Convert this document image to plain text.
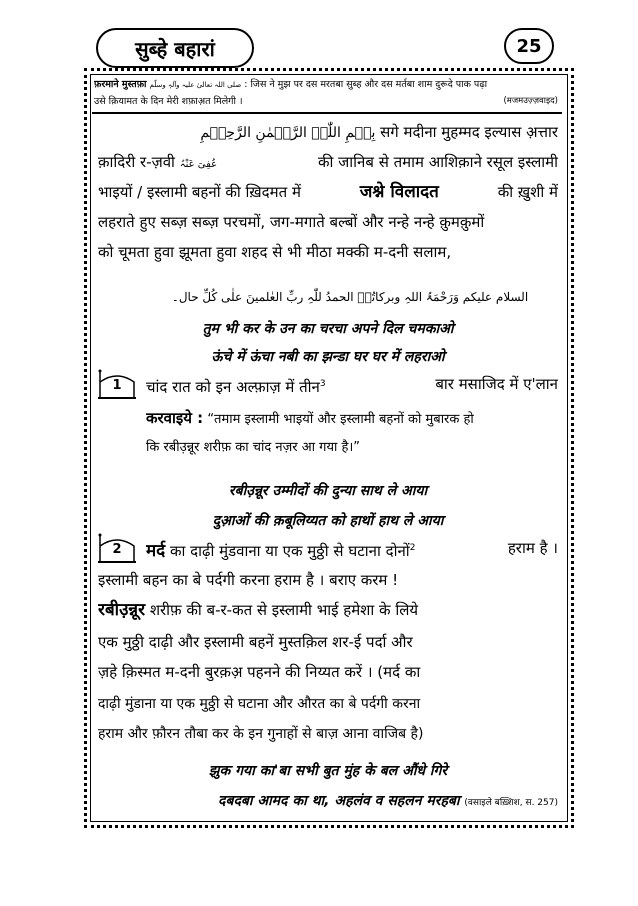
सुब्हे बहारां	25
फ़रमाने मुस्तफ़ा صلی اللہ تعالیٰ علیہ وآلہٖ وسلّم : जिस ने मुझ पर दस मरतबा सुब्ह और दस मर्तबा शाम दुरूदे पाक पढ़ा
उसे क़ियामत के दिन मेरी शफ़ाअ़त मिलेगी ।	(मजमउज़्ज़वाइद)
بِسۡمِ اللّٰہِ الرَّحۡمٰنِ الرَّحِیۡمِ सगे मदीना मुहम्मद इल्यास अ़त्तार
क़ादिरी र-ज़वी عُفِیَ عَنْہُ	की जानिब से तमाम आशिक़ाने रसूल इस्लामी
भाइयों / इस्लामी बहनों की ख़िदमत में	जश्ने विलादत	की ख़ुशी में
लहराते हुए सब्ज़ सब्ज़ परचमों, जग-मगाते बल्बों और नन्हे नन्हे क़ुमक़ुमों
को चूमता हुवा झूमता हुवा शहद से भी मीठा मक्की म-दनी सलाम,
السلام علیکم وَرَحْمَۃُ اللہِ وبرکاتُہٗ الحمدُ للّٰہِ ربِّ العٰلمینَ علٰی کُلِّ حال۔
तुम भी कर के उन का चरचा अपने दिल चमकाओ
ऊंचे में ऊंचा नबी का झन्डा घर घर में लहराओ
1 चांद रात को इन अल्फ़ाज़ में तीन$^3$	बार मसाजिद में ए'लान
करवाइये : “तमाम इस्लामी भाइयों और इस्लामी बहनों को मुबारक हो
कि रबीउ़न्नूर शरीफ़ का चांद नज़र आ गया है।”
रबीउ़न्नूर उम्मीदों की दुन्या साथ ले आया
दुआ़ओं की क़बूलिय्यत को हाथों हाथ ले आया
2 मर्द का दाढ़ी मुंडवाना या एक मुठ्ठी से घटाना दोनों$^2$	हराम है ।
इस्लामी बहन का बे पर्दगी करना हराम है । बराए करम !
रबीउ़न्नूर शरीफ़ की ब-र-कत से इस्लामी भाई हमेशा के लिये
एक मुठ्ठी दाढ़ी और इस्लामी बहनें मुस्तक़िल शर-ई पर्दा और
ज़हे क़िस्मत म-दनी बुरक़अ़ पहनने की निय्यत करें । (मर्द का
दाढ़ी मुंडाना या एक मुठ्ठी से घटाना और औरत का बे पर्दगी करना
हराम और फ़ौरन तौबा कर के इन गुनाहों से बाज़ आना वाजिब है)
झुक गया का'बा सभी बुत मुंह के बल औंधे गिरे
दबदबा आमद का था, अहलंव व सहलन मरहबा (वसाइले बख़्शिश, स. 257)
